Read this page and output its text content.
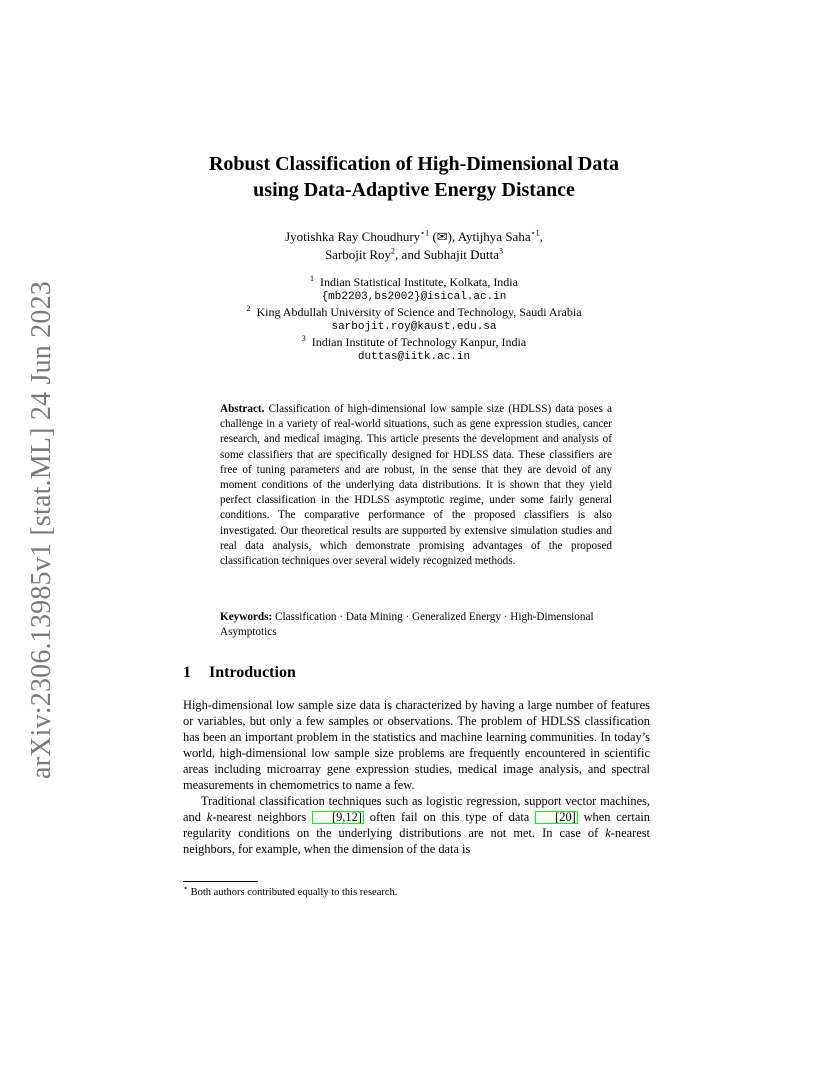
arXiv:2306.13985v1 [stat.ML] 24 Jun 2023
Robust Classification of High-Dimensional Data
using Data-Adaptive Energy Distance
Jyotishka Ray Choudhury$^{⋆1}$ (✉), Aytijhya Saha$^{⋆1}$,
Sarbojit Roy$^2$, and Subhajit Dutta$^3$
$^1$ Indian Statistical Institute, Kolkata, India
{mb2203,bs2002}@isical.ac.in
$^2$ King Abdullah University of Science and Technology, Saudi Arabia
sarbojit.roy@kaust.edu.sa
$^3$ Indian Institute of Technology Kanpur, India
duttas@iitk.ac.in
Abstract. Classification of high-dimensional low sample size (HDLSS) data poses a challenge in a variety of real-world situations, such as gene expression studies, cancer research, and medical imaging. This article presents the development and analysis of some classifiers that are specifically designed for HDLSS data. These classifiers are free of tuning parameters and are robust, in the sense that they are devoid of any moment conditions of the underlying data distributions. It is shown that they yield perfect classification in the HDLSS asymptotic regime, under some fairly general conditions. The comparative performance of the proposed classifiers is also investigated. Our theoretical results are supported by extensive simulation studies and real data analysis, which demonstrate promising advantages of the proposed classification techniques over several widely recognized methods.
Keywords: Classification · Data Mining · Generalized Energy · High-Dimensional Asymptotics
1 Introduction

High-dimensional low sample size data is characterized by having a large number of features or variables, but only a few samples or observations. The problem of HDLSS classification has been an important problem in the statistics and machine learning communities. In today’s world, high-dimensional low sample size problems are frequently encountered in scientific areas including microarray gene expression studies, medical image analysis, and spectral measurements in chemometrics to name a few.

Traditional classification techniques such as logistic regression, support vector machines, and k-nearest neighbors [9,12] often fail on this type of data [20] when certain regularity conditions on the underlying distributions are not met. In case of k-nearest neighbors, for example, when the dimension of the data is

⋆ Both authors contributed equally to this research.
